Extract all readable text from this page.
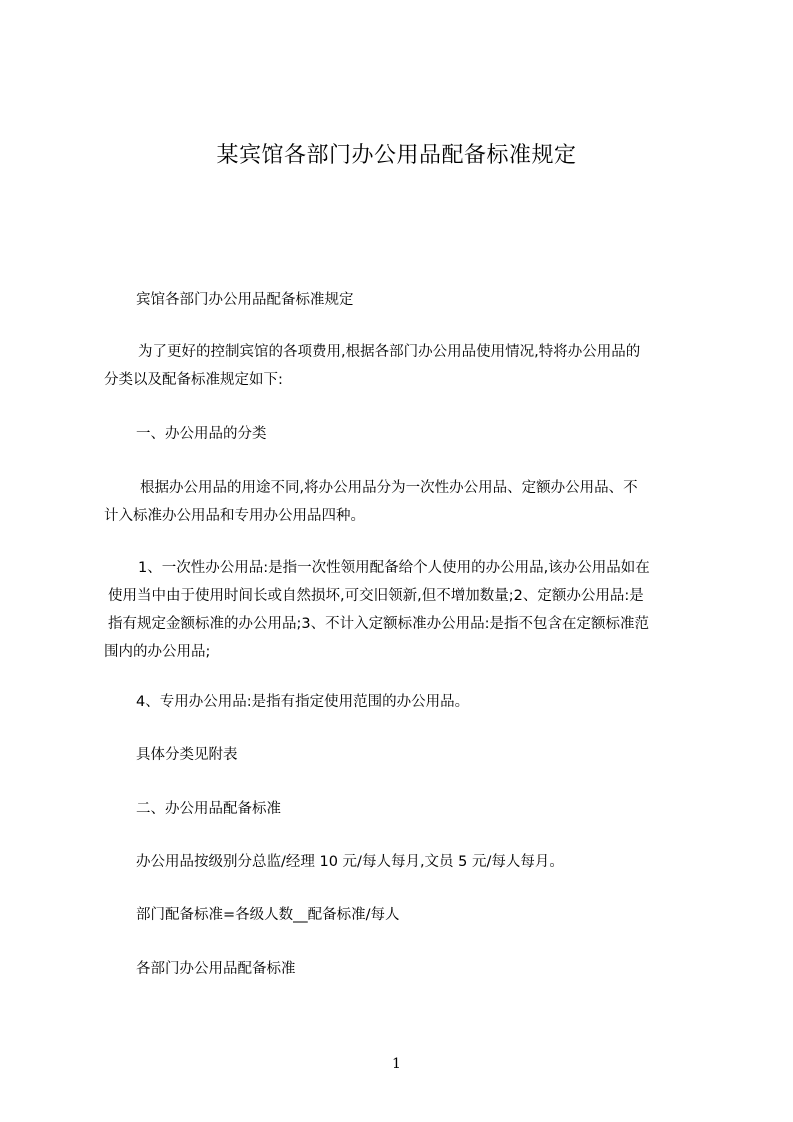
某宾馆各部门办公用品配备标准规定
宾馆各部门办公用品配备标准规定
为了更好的控制宾馆的各项费用,根据各部门办公用品使用情况,特将办公用品的
分类以及配备标准规定如下:
一、办公用品的分类
根据办公用品的用途不同,将办公用品分为一次性办公用品、定额办公用品、不
计入标准办公用品和专用办公用品四种。
1、一次性办公用品:是指一次性领用配备给个人使用的办公用品,该办公用品如在
使用当中由于使用时间长或自然损坏,可交旧领新,但不增加数量;2、定额办公用品:是
指有规定金额标准的办公用品;3、不计入定额标准办公用品:是指不包含在定额标准范
围内的办公用品;
4、专用办公用品:是指有指定使用范围的办公用品。
具体分类见附表
二、办公用品配备标准
办公用品按级别分总监/经理 10 元/每人每月,文员 5 元/每人每月。
部门配备标准=各级人数__配备标准/每人
各部门办公用品配备标准
1
